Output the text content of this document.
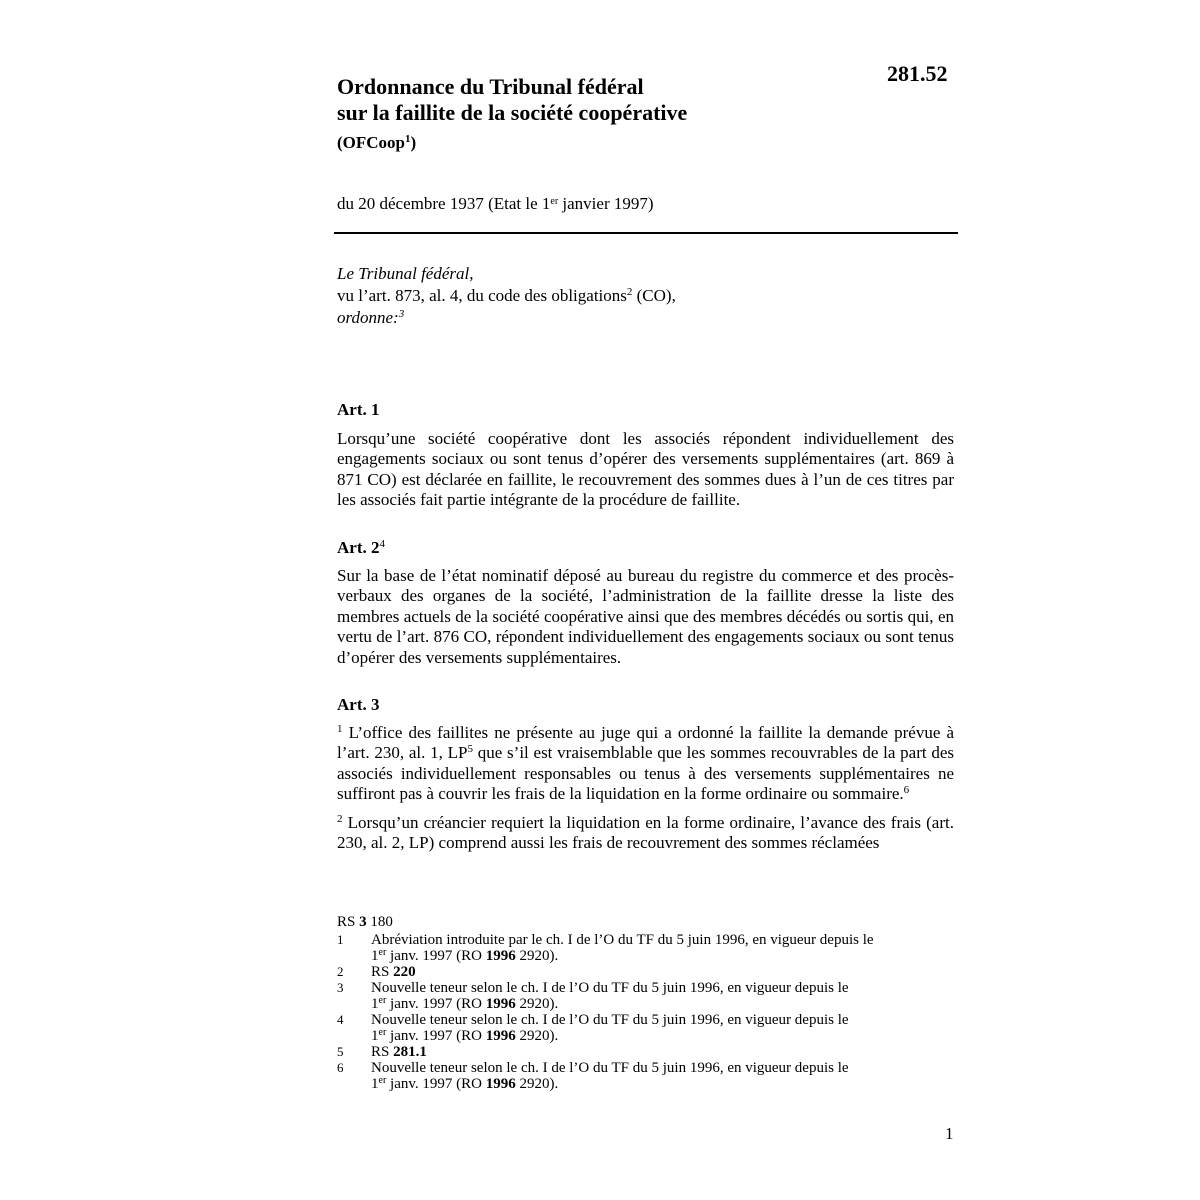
281.52
Ordonnance du Tribunal fédéral
sur la faillite de la société coopérative
(OFCoop$^1$)
du 20 décembre 1937 (Etat le 1er janvier 1997)
Le Tribunal fédéral,
vu l’art. 873, al. 4, du code des obligations$^2$ (CO),
ordonne:$^3$
Art. 1

Lorsqu’une société coopérative dont les associés répondent individuellement des engagements sociaux ou sont tenus d’opérer des versements supplémentaires (art. 869 à 871 CO) est déclarée en faillite, le recouvrement des sommes dues à l’un de ces titres par les associés fait partie intégrante de la procédure de faillite.

Art. 2$^4$

Sur la base de l’état nominatif déposé au bureau du registre du commerce et des procès-verbaux des organes de la société, l’administration de la faillite dresse la liste des membres actuels de la société coopérative ainsi que des membres décédés ou sortis qui, en vertu de l’art. 876 CO, répondent individuellement des engagements sociaux ou sont tenus d’opérer des versements supplémentaires.

Art. 3

$^1$ L’office des faillites ne présente au juge qui a ordonné la faillite la demande prévue à l’art. 230, al. 1, LP$^5$ que s’il est vraisemblable que les sommes recouvrables de la part des associés individuellement responsables ou tenus à des versements supplémentaires ne suffiront pas à couvrir les frais de la liquidation en la forme ordinaire ou sommaire.$^6$

$^2$ Lorsqu’un créancier requiert la liquidation en la forme ordinaire, l’avance des frais (art. 230, al. 2, LP) comprend aussi les frais de recouvrement des sommes réclamées

RS 3 180
1 Abréviation introduite par le ch. I de l’O du TF du 5 juin 1996, en vigueur depuis le
1er janv. 1997 (RO 1996 2920).
2 RS 220
3 Nouvelle teneur selon le ch. I de l’O du TF du 5 juin 1996, en vigueur depuis le
1er janv. 1997 (RO 1996 2920).
4 Nouvelle teneur selon le ch. I de l’O du TF du 5 juin 1996, en vigueur depuis le
1er janv. 1997 (RO 1996 2920).
5 RS 281.1
6 Nouvelle teneur selon le ch. I de l’O du TF du 5 juin 1996, en vigueur depuis le
1er janv. 1997 (RO 1996 2920).
1
